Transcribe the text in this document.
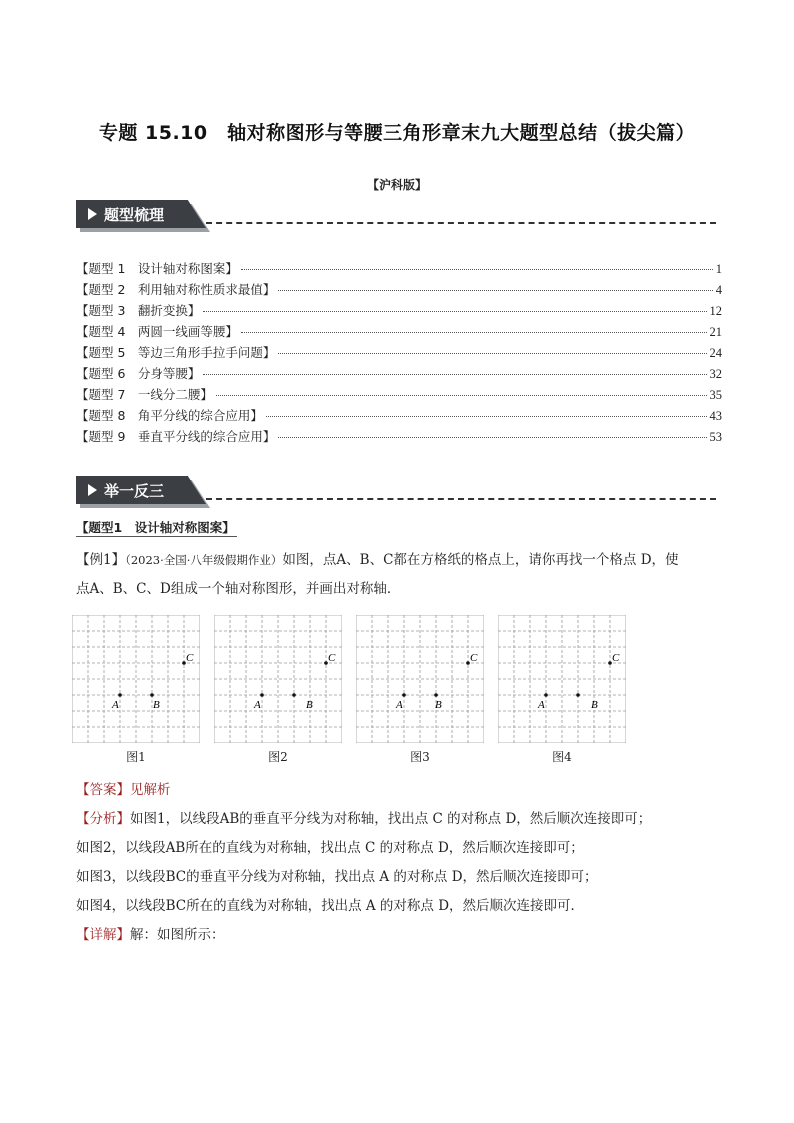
专题 15.10　轴对称图形与等腰三角形章末九大题型总结（拔尖篇）
【沪科版】
题型梳理
【题型 1　设计轴对称图案】	1
【题型 2　利用轴对称性质求最值】	4
【题型 3　翻折变换】	12
【题型 4　两圆一线画等腰】	21
【题型 5　等边三角形手拉手问题】	24
【题型 6　分身等腰】	32
【题型 7　一线分二腰】	35
【题型 8　角平分线的综合应用】	43
【题型 9　垂直平分线的综合应用】	53
举一反三
【题型1　设计轴对称图案】
【例1】（2023·全国·八年级假期作业）如图，点A、B、C都在方格纸的格点上，请你再找一个格点 D，使
点A、B、C、D组成一个轴对称图形，并画出对称轴．
A	B
C
A	B
C
A	B
C
A	B
C
图1	图2	图3	图4
【答案】见解析
【分析】如图1，以线段AB的垂直平分线为对称轴，找出点 C 的对称点 D，然后顺次连接即可；
如图2，以线段AB所在的直线为对称轴，找出点 C 的对称点 D，然后顺次连接即可；
如图3，以线段BC的垂直平分线为对称轴，找出点 A 的对称点 D，然后顺次连接即可；
如图4，以线段BC所在的直线为对称轴，找出点 A 的对称点 D，然后顺次连接即可．
【详解】解：如图所示：
